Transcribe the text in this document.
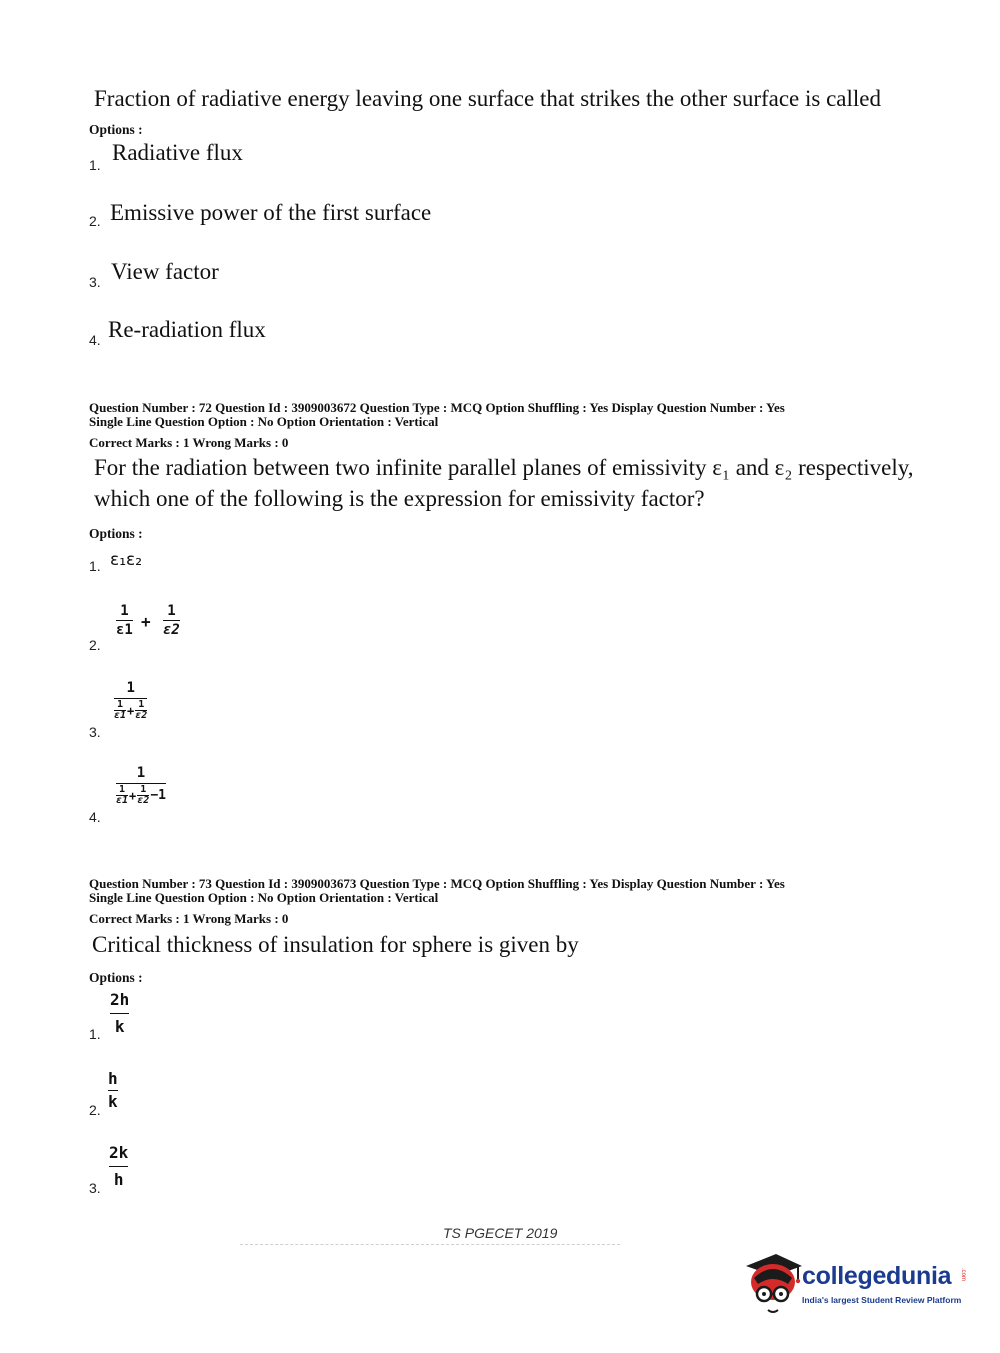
Fraction of radiative energy leaving one surface that strikes the other surface is called
Options :
1. Radiative flux
2. Emissive power of the first surface
3. View factor
4. Re-radiation flux
Question Number : 72 Question Id : 3909003672 Question Type : MCQ Option Shuffling : Yes Display Question Number : Yes
Single Line Question Option : No Option Orientation : Vertical
Correct Marks : 1 Wrong Marks : 0
For the radiation between two infinite parallel planes of emissivity ε₁ and ε₂ respectively,
which one of the following is the expression for emissivity factor?
Options :
1. ε₁ε₂
2.
1
ε1 +
1
ε2
3.
1
1
ε1 + 1
ε2
4.
1
1
ε1 + 1
ε2 −1
Question Number : 73 Question Id : 3909003673 Question Type : MCQ Option Shuffling : Yes Display Question Number : Yes
Single Line Question Option : No Option Orientation : Vertical
Correct Marks : 1 Wrong Marks : 0
Critical thickness of insulation for sphere is given by
Options :
1.
2h
k
2.
h
k
3.
2k
h
TS PGECET 2019
collegedunia .com
India's largest Student Review Platform
